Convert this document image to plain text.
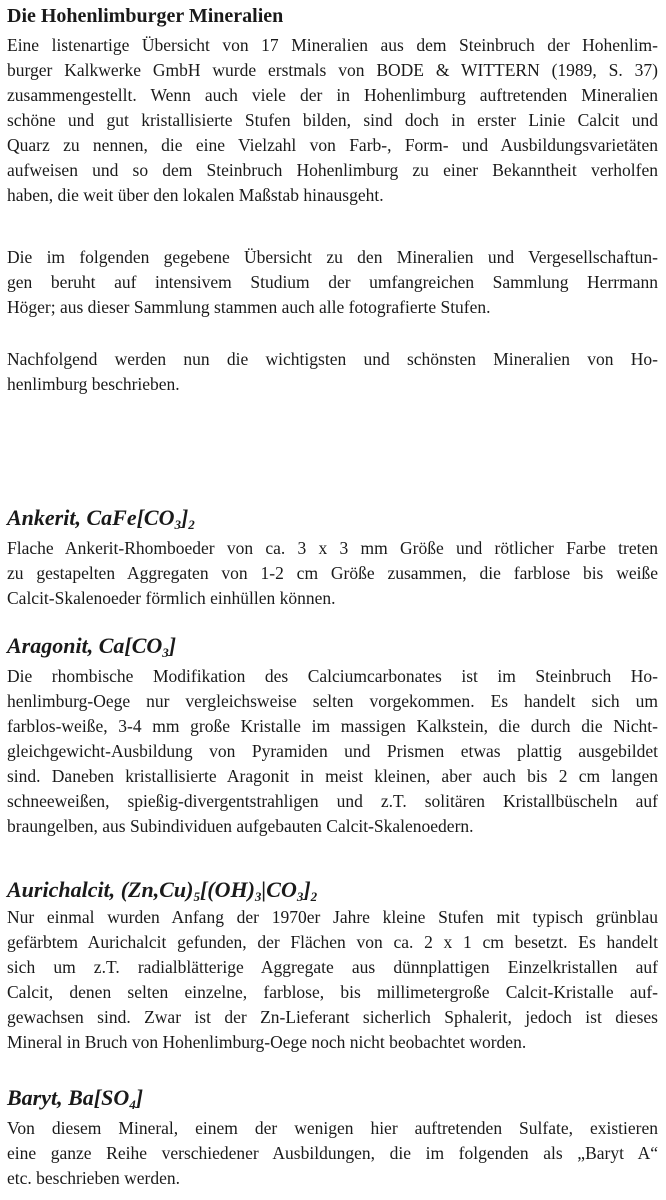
Die Hohenlimburger Mineralien

Eine listenartige Übersicht von 17 Mineralien aus dem Steinbruch der Hohenlim-
burger Kalkwerke GmbH wurde erstmals von BODE & WITTERN (1989, S. 37)
zusammengestellt. Wenn auch viele der in Hohenlimburg auftretenden Mineralien
schöne und gut kristallisierte Stufen bilden, sind doch in erster Linie Calcit und
Quarz zu nennen, die eine Vielzahl von Farb-, Form- und Ausbildungsvarietäten
aufweisen und so dem Steinbruch Hohenlimburg zu einer Bekanntheit verholfen
haben, die weit über den lokalen Maßstab hinausgeht.

Die im folgenden gegebene Übersicht zu den Mineralien und Vergesellschaftun-
gen beruht auf intensivem Studium der umfangreichen Sammlung Herrmann
Höger; aus dieser Sammlung stammen auch alle fotografierte Stufen.

Nachfolgend werden nun die wichtigsten und schönsten Mineralien von Ho-
henlimburg beschrieben.

Ankerit, $CaFe[CO_3]_2$

Flache Ankerit-Rhomboeder von ca. 3 x 3 mm Größe und rötlicher Farbe treten
zu gestapelten Aggregaten von 1-2 cm Größe zusammen, die farblose bis weiße
Calcit-Skalenoeder förmlich einhüllen können.

Aragonit, $Ca[CO_3]$

Die rhombische Modifikation des Calciumcarbonates ist im Steinbruch Ho-
henlimburg-Oege nur vergleichsweise selten vorgekommen. Es handelt sich um
farblos-weiße, 3-4 mm große Kristalle im massigen Kalkstein, die durch die Nicht-
gleichgewicht-Ausbildung von Pyramiden und Prismen etwas plattig ausgebildet
sind. Daneben kristallisierte Aragonit in meist kleinen, aber auch bis 2 cm langen
schneeweißen, spießig-divergentstrahligen und z.T. solitären Kristallbüscheln auf
braungelben, aus Subindividuen aufgebauten Calcit-Skalenoedern.

Aurichalcit, $(Zn,Cu)_5[(OH)_3|CO_3]_2$

Nur einmal wurden Anfang der 1970er Jahre kleine Stufen mit typisch grünblau
gefärbtem Aurichalcit gefunden, der Flächen von ca. 2 x 1 cm besetzt. Es handelt
sich um z.T. radialblätterige Aggregate aus dünnplattigen Einzelkristallen auf
Calcit, denen selten einzelne, farblose, bis millimetergroße Calcit-Kristalle auf-
gewachsen sind. Zwar ist der Zn-Lieferant sicherlich Sphalerit, jedoch ist dieses
Mineral in Bruch von Hohenlimburg-Oege noch nicht beobachtet worden.

Baryt, $Ba[SO_4]$

Von diesem Mineral, einem der wenigen hier auftretenden Sulfate, existieren
eine ganze Reihe verschiedener Ausbildungen, die im folgenden als „Baryt A“
etc. beschrieben werden.
